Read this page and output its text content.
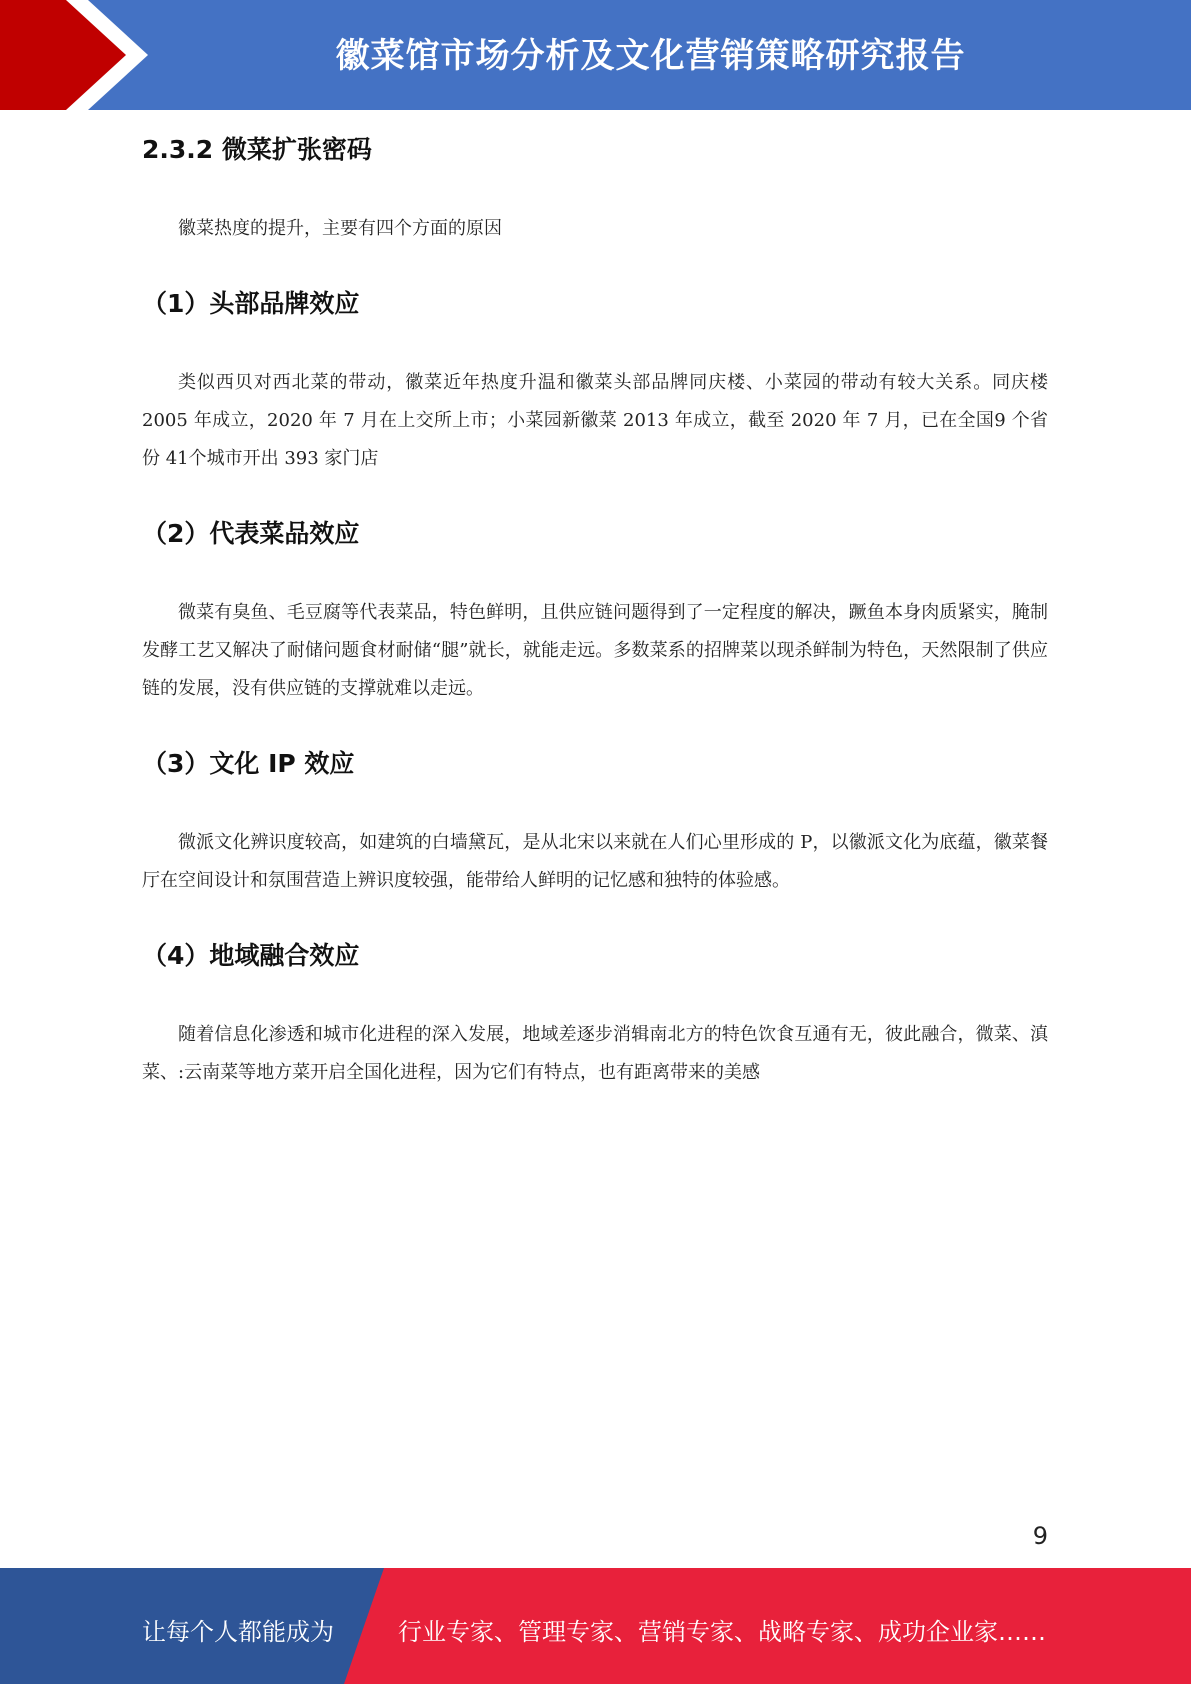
徽菜馆市场分析及文化营销策略研究报告
2.3.2 微菜扩张密码

徽菜热度的提升，主要有四个方面的原因

（1）头部品牌效应

类似西贝对西北菜的带动，徽菜近年热度升温和徽菜头部品牌同庆楼、小菜园的带动有较大关系。同庆楼 2005 年成立，2020 年 7 月在上交所上市；小菜园新徽菜 2013 年成立，截至 2020 年 7 月，已在全国9 个省份 41个城市开出 393 家门店

（2）代表菜品效应

微菜有臭鱼、毛豆腐等代表菜品，特色鲜明，且供应链问题得到了一定程度的解决，蹶鱼本身肉质紧实，腌制发酵工艺又解决了耐储问题食材耐储“腿”就长，就能走远。多数菜系的招牌菜以现杀鲜制为特色，天然限制了供应链的发展，没有供应链的支撑就难以走远。

（3）文化 IP 效应

微派文化辨识度较高，如建筑的白墙黛瓦，是从北宋以来就在人们心里形成的 P，以徽派文化为底蕴，徽菜餐厅在空间设计和氛围营造上辨识度较强，能带给人鲜明的记忆感和独特的体验感。

（4）地域融合效应

随着信息化渗透和城市化进程的深入发展，地域差逐步消辑南北方的特色饮食互通有无，彼此融合，微菜、滇菜、:云南菜等地方菜开启全国化进程，因为它们有特点，也有距离带来的美感

9
让每个人都能成为	行业专家、管理专家、营销专家、战略专家、成功企业家……
